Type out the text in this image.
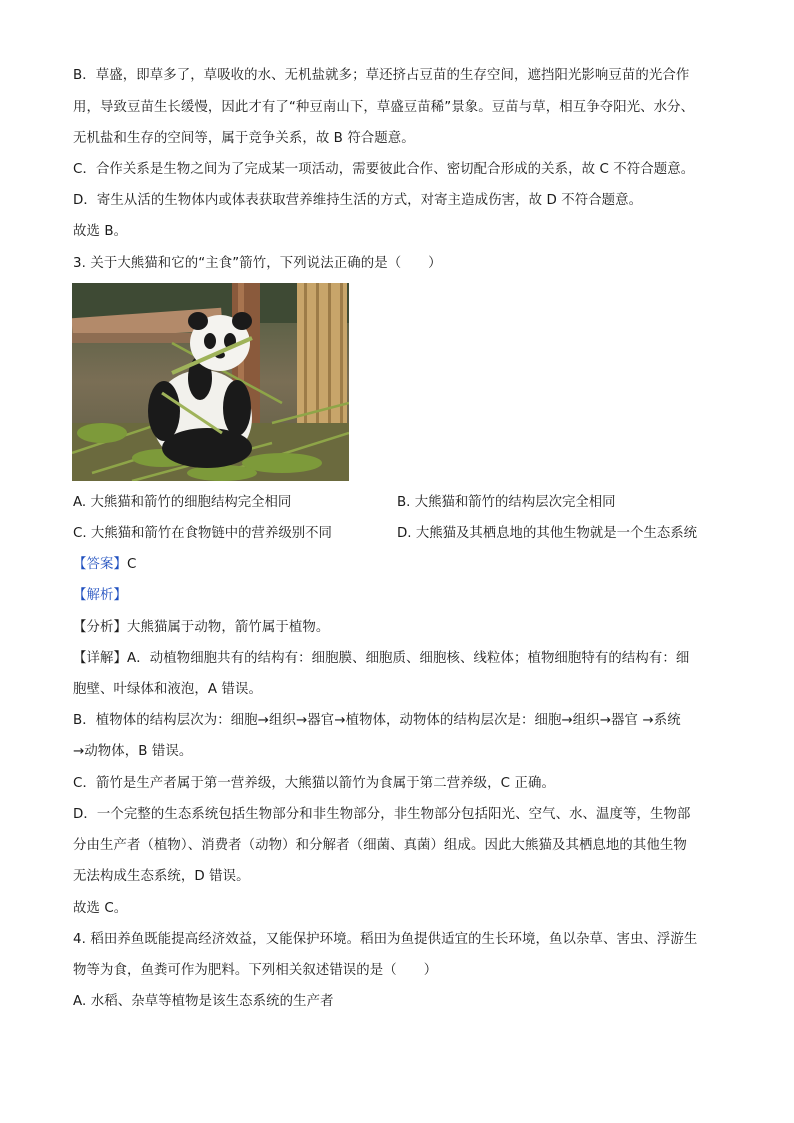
B．草盛，即草多了，草吸收的水、无机盐就多；草还挤占豆苗的生存空间，遮挡阳光影响豆苗的光合作
用，导致豆苗生长缓慢，因此才有了“种豆南山下，草盛豆苗稀”景象。豆苗与草，相互争夺阳光、水分、
无机盐和生存的空间等，属于竞争关系，故 B 符合题意。
C．合作关系是生物之间为了完成某一项活动，需要彼此合作、密切配合形成的关系，故 C 不符合题意。
D．寄生从活的生物体内或体表获取营养维持生活的方式，对寄主造成伤害，故 D 不符合题意。
故选 B。
3. 关于大熊猫和它的“主食”箭竹，下列说法正确的是（　　）
A. 大熊猫和箭竹的细胞结构完全相同	B. 大熊猫和箭竹的结构层次完全相同
C. 大熊猫和箭竹在食物链中的营养级别不同	D. 大熊猫及其栖息地的其他生物就是一个生态系统
【答案】C
【解析】
【分析】大熊猫属于动物，箭竹属于植物。
【详解】A．动植物细胞共有的结构有：细胞膜、细胞质、细胞核、线粒体；植物细胞特有的结构有：细
胞壁、叶绿体和液泡，A 错误。
B．植物体的结构层次为：细胞→组织→器官→植物体，动物体的结构层次是：细胞→组织→器官 →系统
→动物体，B 错误。
C．箭竹是生产者属于第一营养级，大熊猫以箭竹为食属于第二营养级，C 正确。
D．一个完整的生态系统包括生物部分和非生物部分，非生物部分包括阳光、空气、水、温度等，生物部
分由生产者（植物）、消费者（动物）和分解者（细菌、真菌）组成。因此大熊猫及其栖息地的其他生物
无法构成生态系统，D 错误。
故选 C。
4. 稻田养鱼既能提高经济效益，又能保护环境。稻田为鱼提供适宜的生长环境，鱼以杂草、害虫、浮游生
物等为食，鱼粪可作为肥料。下列相关叙述错误的是（　　）
A. 水稻、杂草等植物是该生态系统的生产者
